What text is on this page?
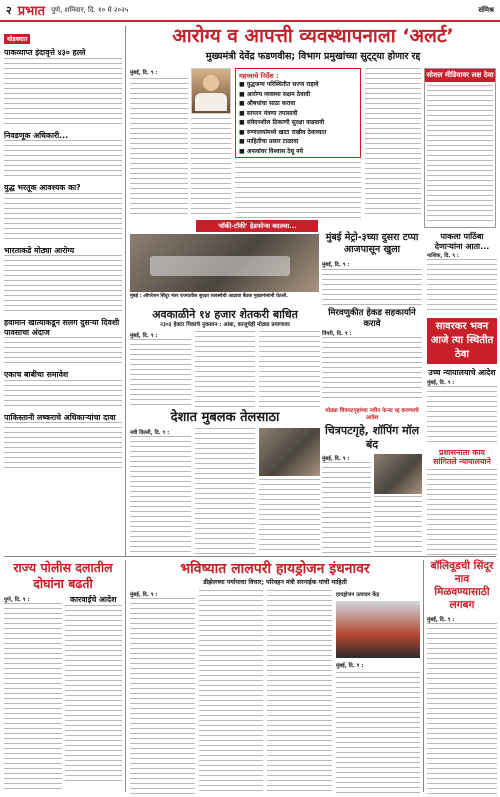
२ प्रभात पुणे, शनिवार, दि. १० मे २०२५	संमिश्र
थोडक्यात
पाकव्याप्त इंदावृत्ते ४३० हल्ले
निवडणूक अधिकारी...
युद्ध भरतूक आवश्यक का?
भारताकडे मोठ्या आरोग्य
हवामान खात्याकडून सलग दुसऱ्या दिवशी पावसाचा अंदाज
एकाच बाबीचा समावेश
पाकिस्तानी लष्कराचे अधिकाऱ्यांचा दावा
आरोग्य व आपत्ती व्यवस्थापनाला ‘अलर्ट’
मुख्यमंत्री देवेंद्र फडणवीस; विभाग प्रमुखांच्या सुट्ट्या होणार रद्द
मुंबई, दि. ९ :	महत्त्वाचे निर्देश :
■ युद्धजन्य परिस्थितीत सज्ज राहावे
■ आरोग्य व्यवस्था सक्षम ठेवावी
■ औषधांचा साठा करावा
■ सायरन यंत्रणा तपासावी
■ संवेदनशील ठिकाणी सुरक्षा वाढवावी
■ रुग्णालयांमध्ये खाटा राखीव ठेवाव्यात
■ माहितीचा प्रसार टाळावा
■ अफवांवर विश्वास ठेवू नये
सोशल मीडियावर लक्ष ठेवा
'वॉकी-टॉकी' हेडफोन्स बदलवा...
मुंबई : ऑपरेशन सिंदूर नंतर राज्यातील सुरक्षा व्यवस्थेची आढावा बैठक मुख्यमंत्र्यांनी घेतली.
मुंबई मेट्रो-३च्या दुसरा टप्पा आजपासून खुला
मुंबई, दि. ९ :
पाकला पाठिंबा देणाऱ्यांना आता...
नाशिक, दि. ९ :
सावरकर भवन आजे त्या स्थितीत ठेवा
उच्च न्यायालयाचे आदेश
मुंबई, दि. ९ :
प्रशासनाला काय सांगितले न्यायालयाने
अवकाळीने १४ हजार शेतकरी बाधित
२३०३ हेक्टर पिकांचे नुकसान : आंबा, काजूचेही मोठ्या प्रमाणावर
मुंबई, दि. ९ :
मिरवणुकीत हेकड सहकार्याने करावे
पिंपरी, दि. ९ :
देशात मुबलक तेलसाठा
नवी दिल्ली, दि. ९ :
मोठ्या चित्रपटगृहांच्या नवीन फेऱ्या रद्द करण्याचे आदेश
चित्रपटगृहे, शॉपिंग मॉल बंद
मुंबई, दि. ९ :
राज्य पोलीस दलातील दोघांना बढती
पुणे, दि. ९ :	कारवाईचे आदेश
भविष्यात लालपरी हायड्रोजन इंधनावर
डीझेलच्या पर्यायाचा विचार; परिवहन मंत्री सरनाईक यांची माहिती
मुंबई, दि. ९ :	हायड्रोजन उत्पादन केंद्र
मुंबई, दि. ९ :
बॉलिवूडची सिंदूर नाव मिळवण्यासाठी लगबग
मुंबई, दि. ९ :
